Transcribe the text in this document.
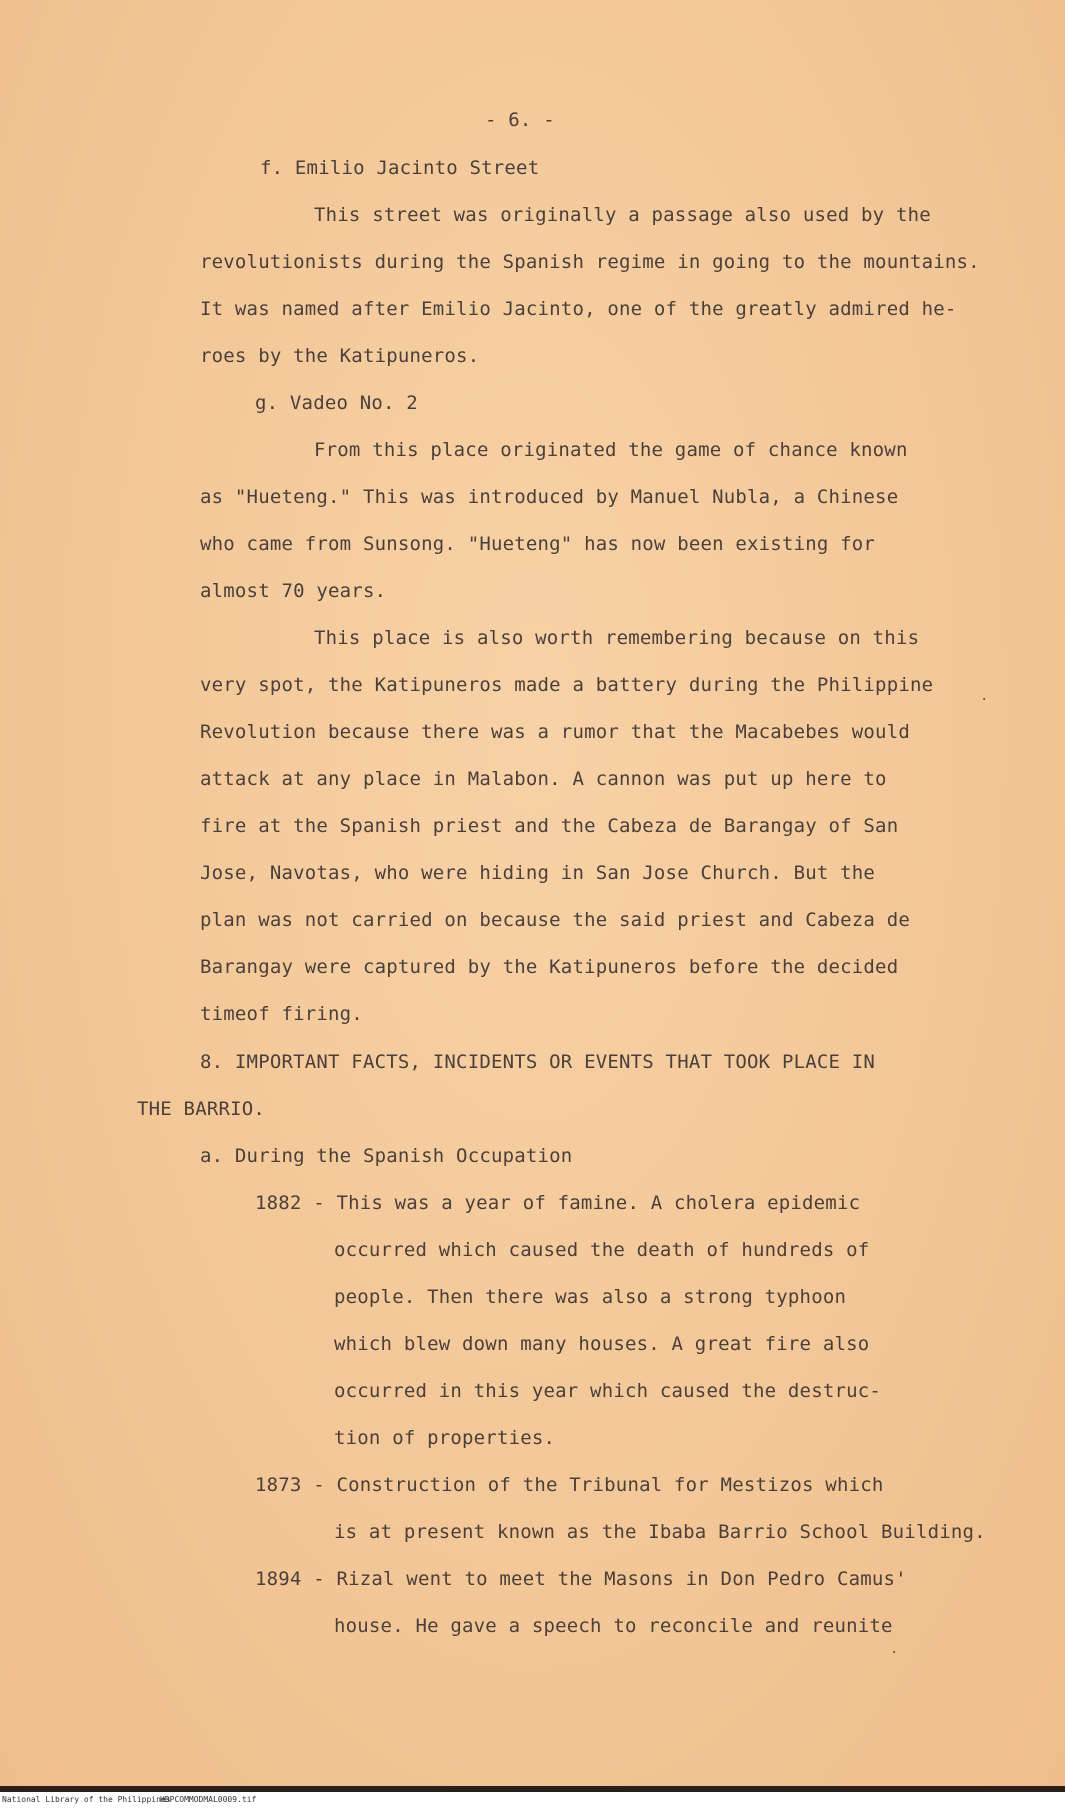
- 6. -
f. Emilio Jacinto Street
This street was originally a passage also used by the
revolutionists during the Spanish regime in going to the mountains.
It was named after Emilio Jacinto, one of the greatly admired he-
roes by the Katipuneros.
g. Vadeo No. 2
From this place originated the game of chance known
as "Hueteng." This was introduced by Manuel Nubla, a Chinese
who came from Sunsong. "Hueteng" has now been existing for
almost 70 years.
This place is also worth remembering because on this
very spot, the Katipuneros made a battery during the Philippine
Revolution because there was a rumor that the Macabebes would
attack at any place in Malabon. A cannon was put up here to
fire at the Spanish priest and the Cabeza de Barangay of San
Jose, Navotas, who were hiding in San Jose Church. But the
plan was not carried on because the said priest and Cabeza de
Barangay were captured by the Katipuneros before the decided
timeof firing.
8. IMPORTANT FACTS, INCIDENTS OR EVENTS THAT TOOK PLACE IN
THE BARRIO.
a. During the Spanish Occupation
1882 - This was a year of famine. A cholera epidemic
occurred which caused the death of hundreds of
people. Then there was also a strong typhoon
which blew down many houses. A great fire also
occurred in this year which caused the destruc-
tion of properties.
1873 - Construction of the Tribunal for Mestizos which
is at present known as the Ibaba Barrio School Building.
1894 - Rizal went to meet the Masons in Don Pedro Camus'
house. He gave a speech to reconcile and reunite
·
·
National Library of the Philippines
HDPCOMMODMAL0009.tif
